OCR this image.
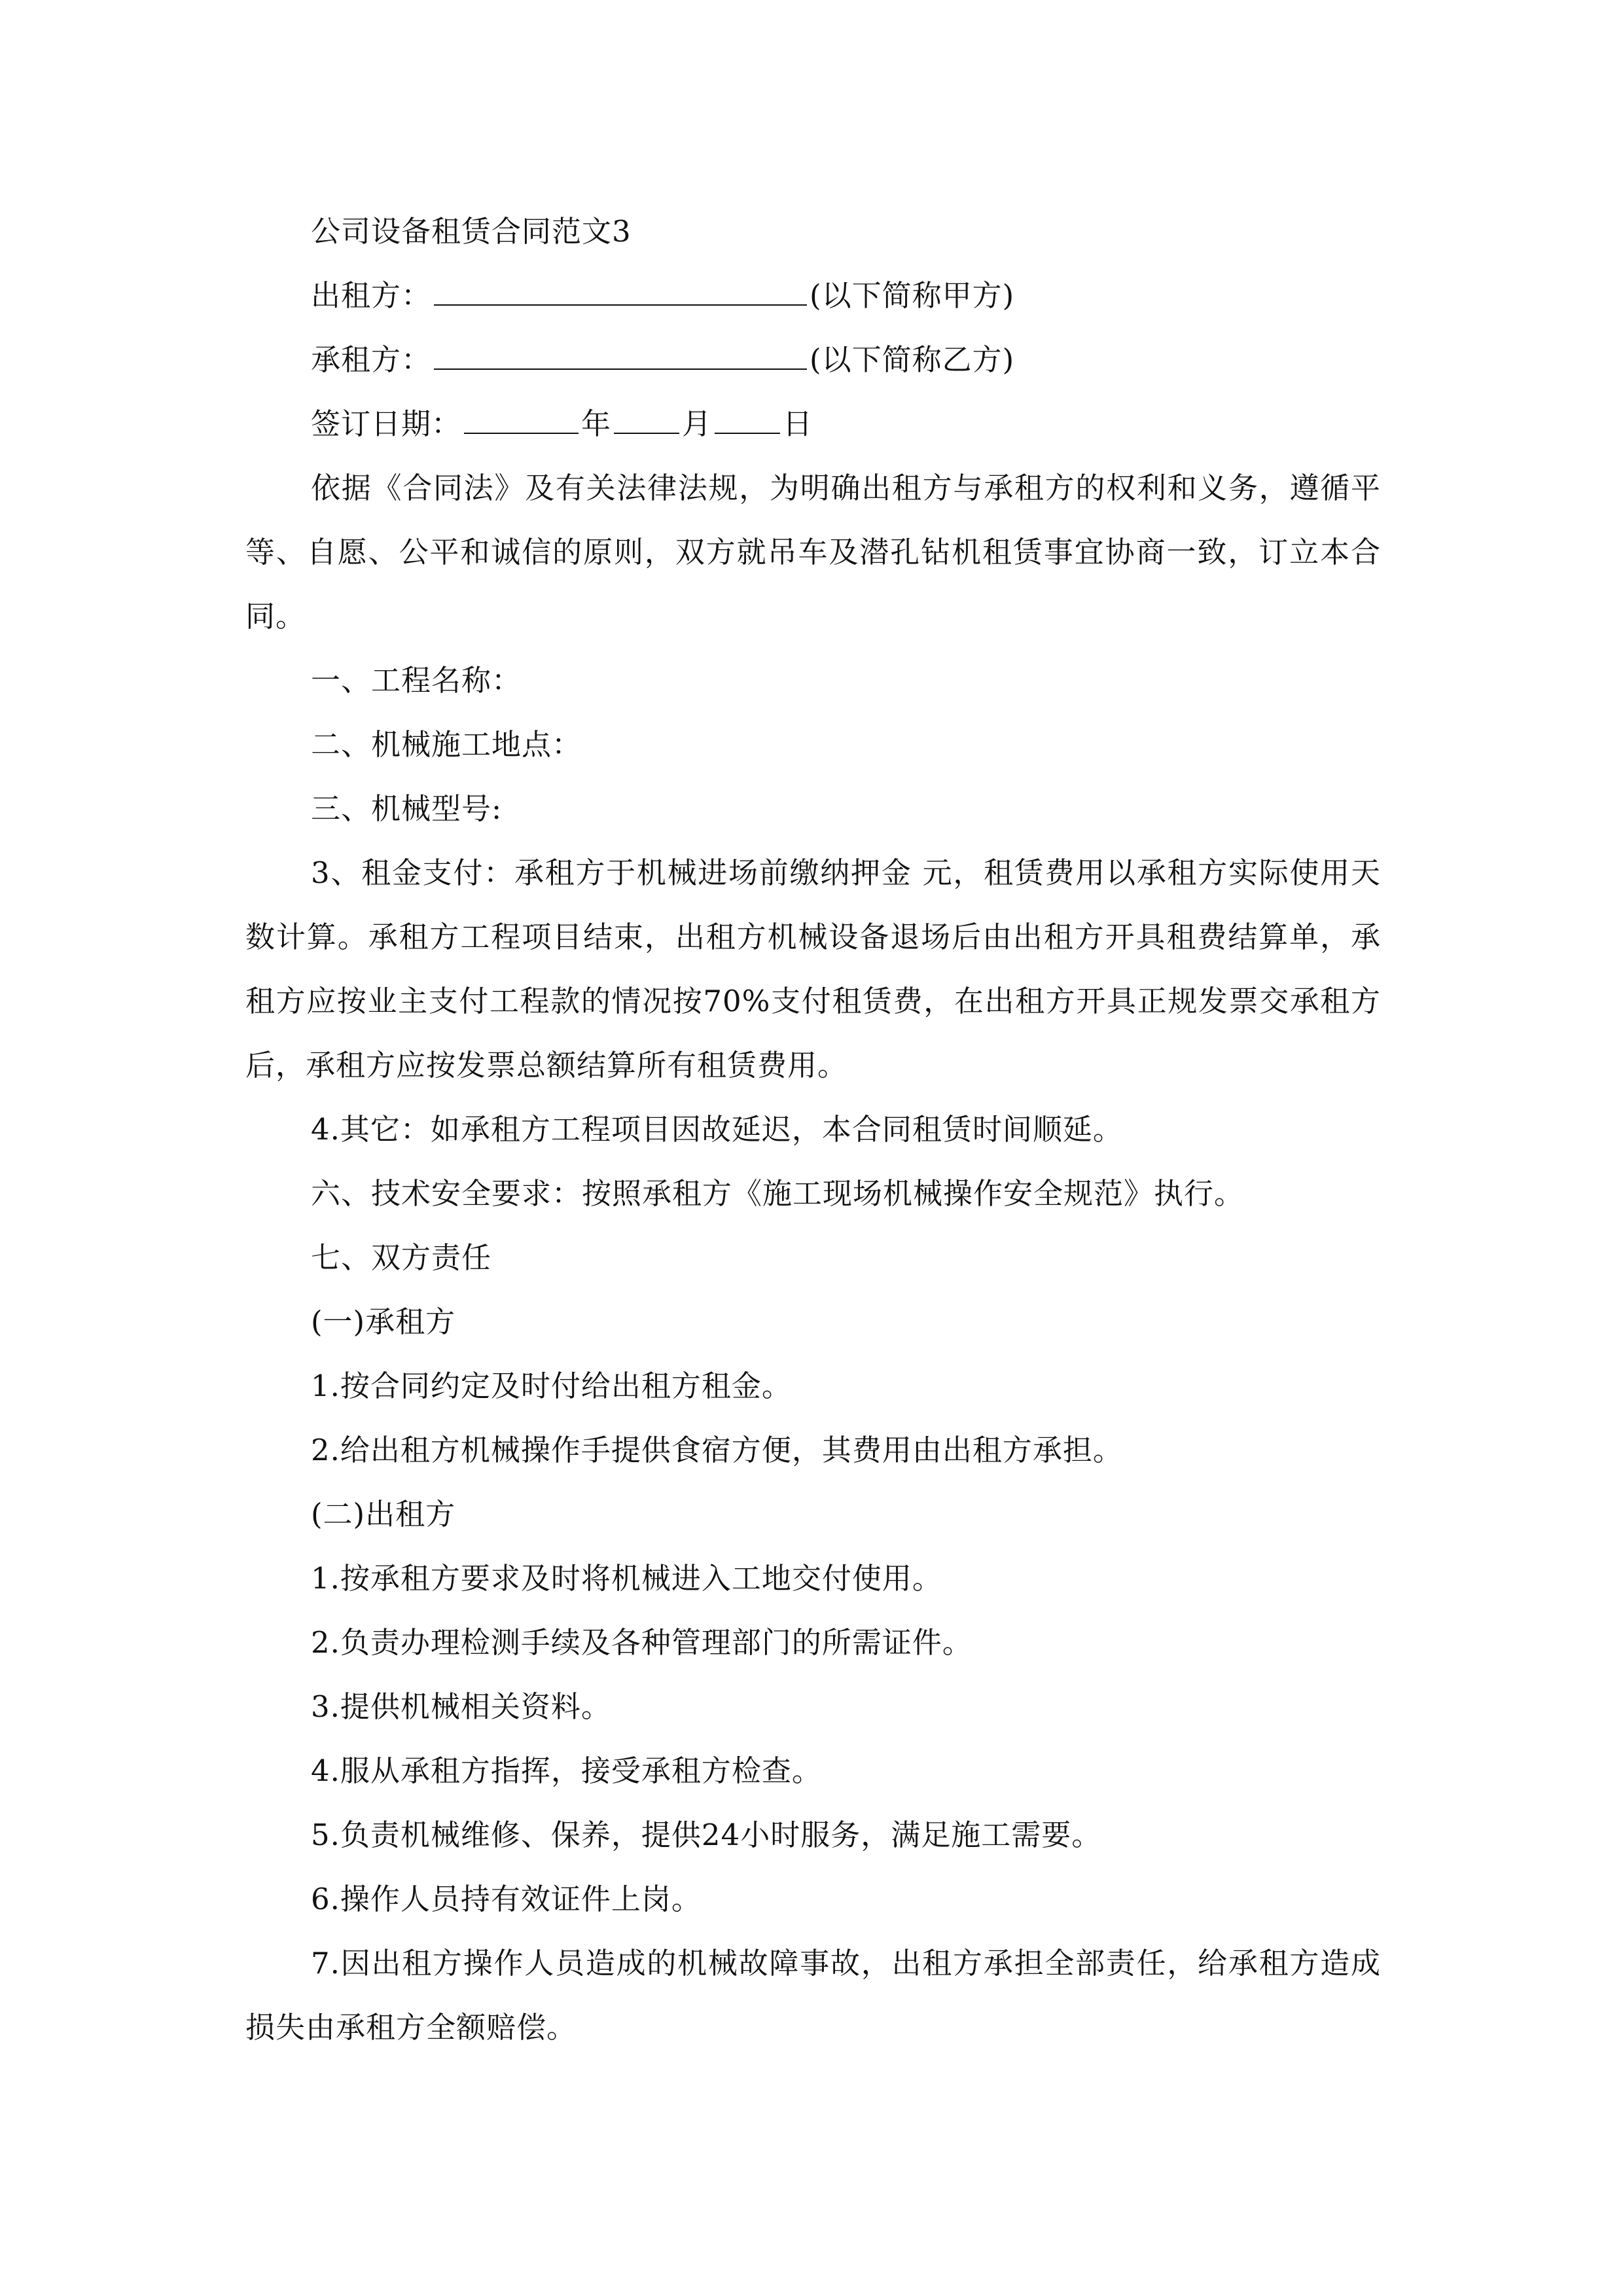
公司设备租赁合同范文3

出租方：	(以下简称甲方)

承租方：	(以下简称乙方)

签订日期：	年 月 日

依据《合同法》及有关法律法规，为明确出租方与承租方的权利和义务，遵循平等、自愿、公平和诚信的原则，双方就吊车及潜孔钻机租赁事宜协商一致，订立本合同。

一、工程名称：

二、机械施工地点：

三、机械型号:

3、租金支付：承租方于机械进场前缴纳押金 元，租赁费用以承租方实际使用天数计算。承租方工程项目结束，出租方机械设备退场后由出租方开具租费结算单，承租方应按业主支付工程款的情况按70%支付租赁费，在出租方开具正规发票交承租方后，承租方应按发票总额结算所有租赁费用。

4.其它：如承租方工程项目因故延迟，本合同租赁时间顺延。

六、技术安全要求：按照承租方《施工现场机械操作安全规范》执行。

七、双方责任

(一)承租方

1.按合同约定及时付给出租方租金。

2.给出租方机械操作手提供食宿方便，其费用由出租方承担。

(二)出租方

1.按承租方要求及时将机械进入工地交付使用。

2.负责办理检测手续及各种管理部门的所需证件。

3.提供机械相关资料。

4.服从承租方指挥，接受承租方检查。

5.负责机械维修、保养，提供24小时服务，满足施工需要。

6.操作人员持有效证件上岗。

7.因出租方操作人员造成的机械故障事故，出租方承担全部责任，给承租方造成损失由承租方全额赔偿。
